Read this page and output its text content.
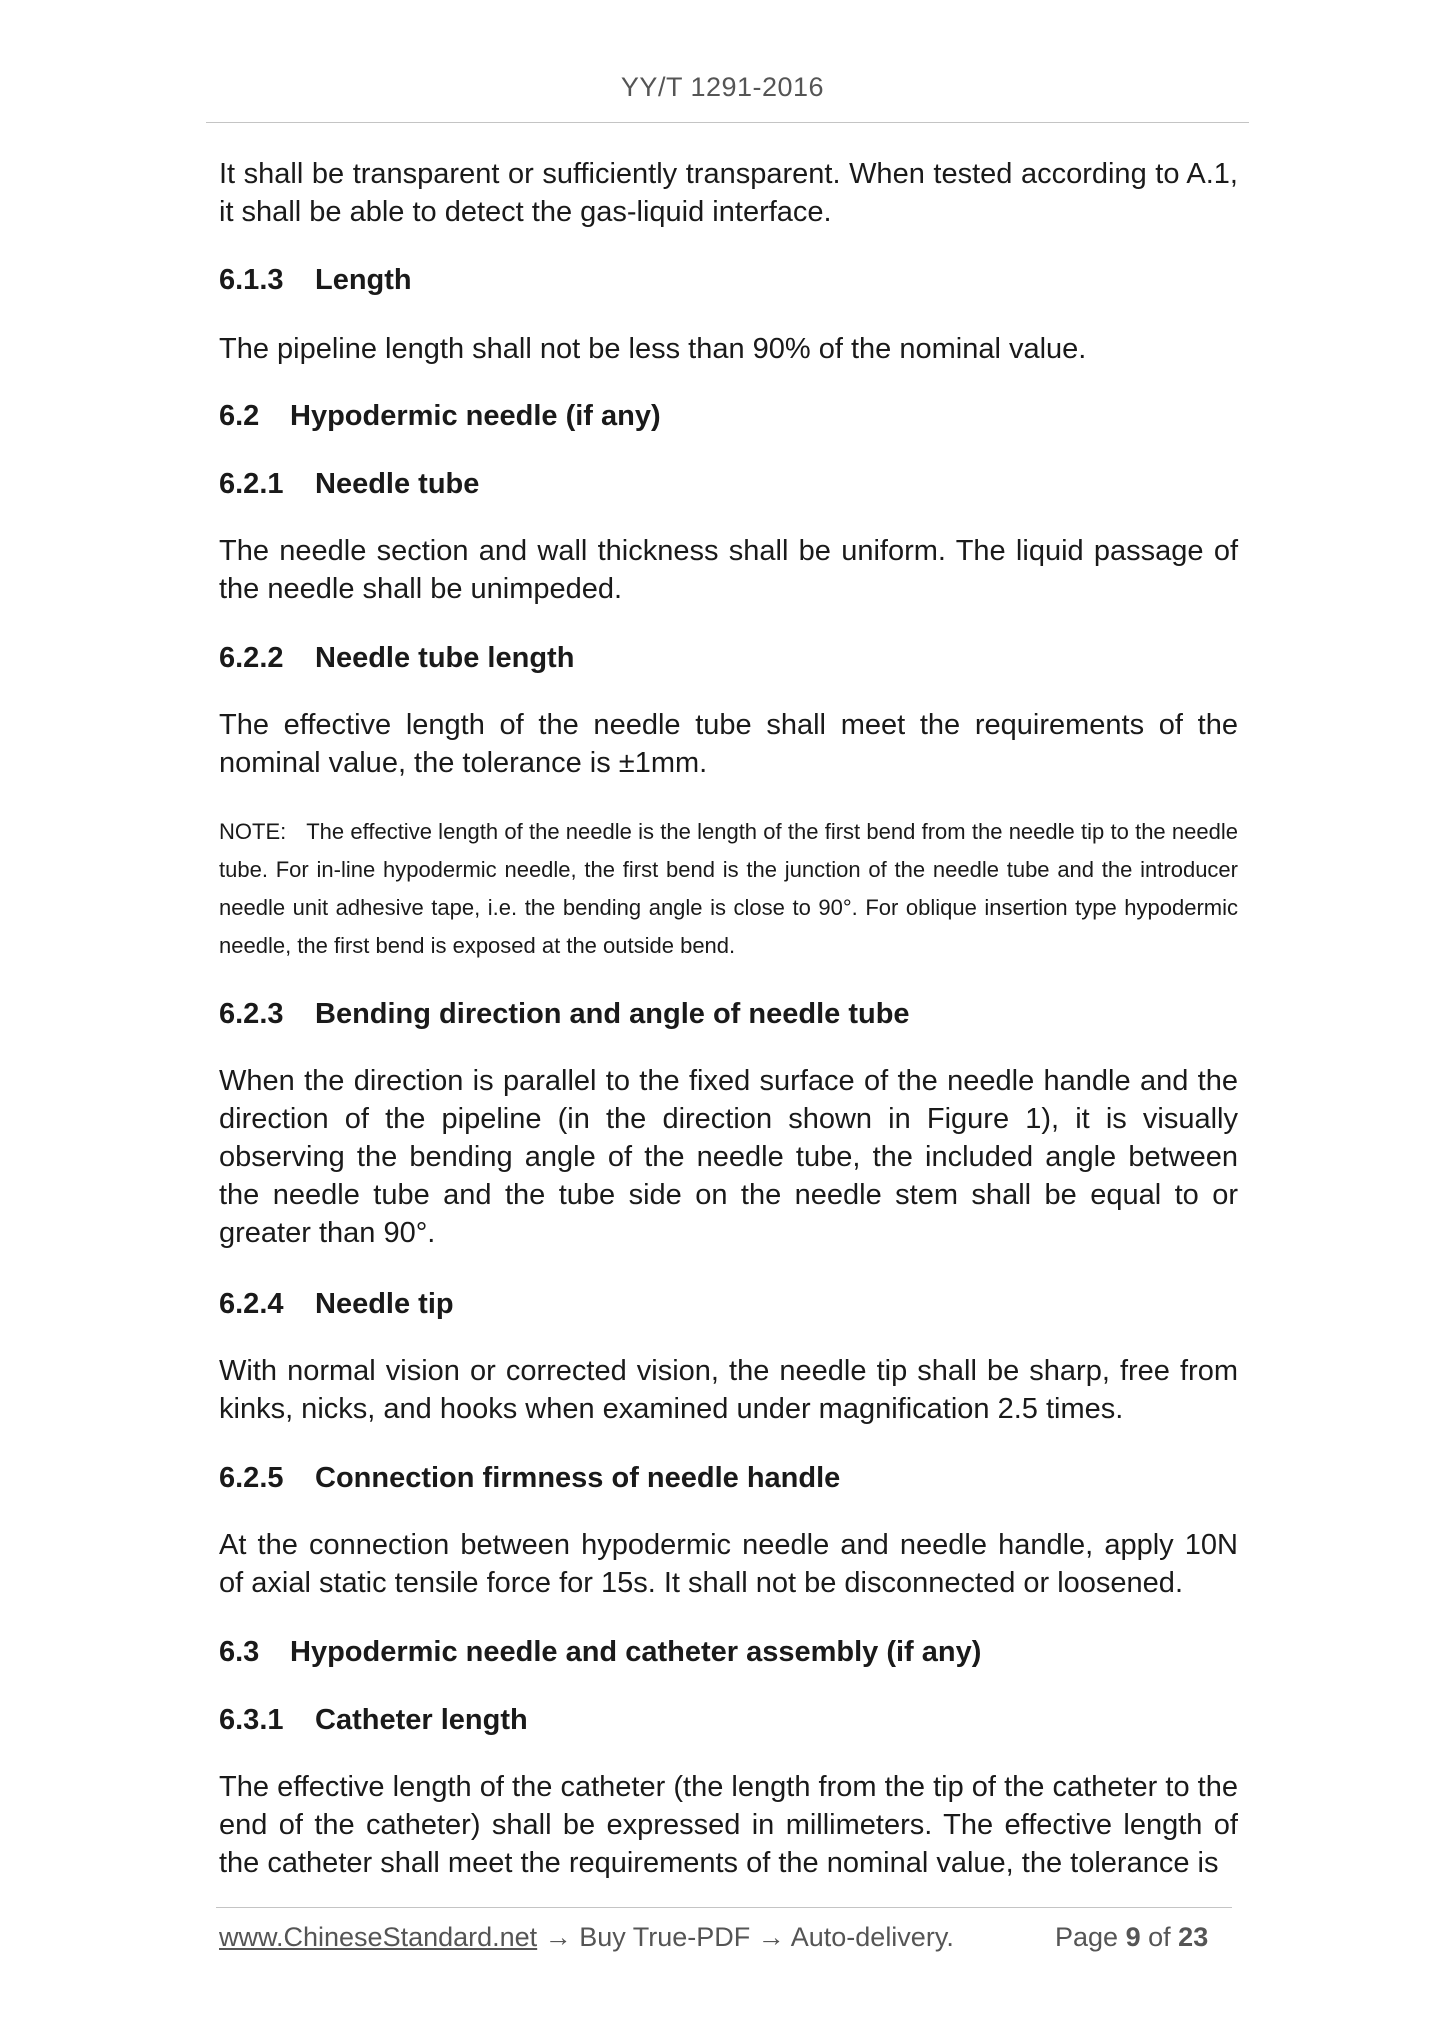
YY/T 1291-2016

It shall be transparent or sufficiently transparent. When tested according to A.1, it shall be able to detect the gas-liquid interface.

6.1.3 Length

The pipeline length shall not be less than 90% of the nominal value.

6.2 Hypodermic needle (if any)
6.2.1 Needle tube

The needle section and wall thickness shall be uniform. The liquid passage of the needle shall be unimpeded.

6.2.2 Needle tube length

The effective length of the needle tube shall meet the requirements of the nominal value, the tolerance is ±1mm.

NOTE: The effective length of the needle is the length of the first bend from the needle tip to the needle tube. For in-line hypodermic needle, the first bend is the junction of the needle tube and the introducer needle unit adhesive tape, i.e. the bending angle is close to 90°. For oblique insertion type hypodermic needle, the first bend is exposed at the outside bend.

6.2.3 Bending direction and angle of needle tube

When the direction is parallel to the fixed surface of the needle handle and the direction of the pipeline (in the direction shown in Figure 1), it is visually observing the bending angle of the needle tube, the included angle between the needle tube and the tube side on the needle stem shall be equal to or greater than 90°.

6.2.4 Needle tip

With normal vision or corrected vision, the needle tip shall be sharp, free from kinks, nicks, and hooks when examined under magnification 2.5 times.

6.2.5 Connection firmness of needle handle

At the connection between hypodermic needle and needle handle, apply 10N of axial static tensile force for 15s. It shall not be disconnected or loosened.

6.3 Hypodermic needle and catheter assembly (if any)
6.3.1 Catheter length

The effective length of the catheter (the length from the tip of the catheter to the end of the catheter) shall be expressed in millimeters. The effective length of the catheter shall meet the requirements of the nominal value, the tolerance is

www.ChineseStandard.net → Buy True-PDF → Auto-delivery.	Page 9 of 23
